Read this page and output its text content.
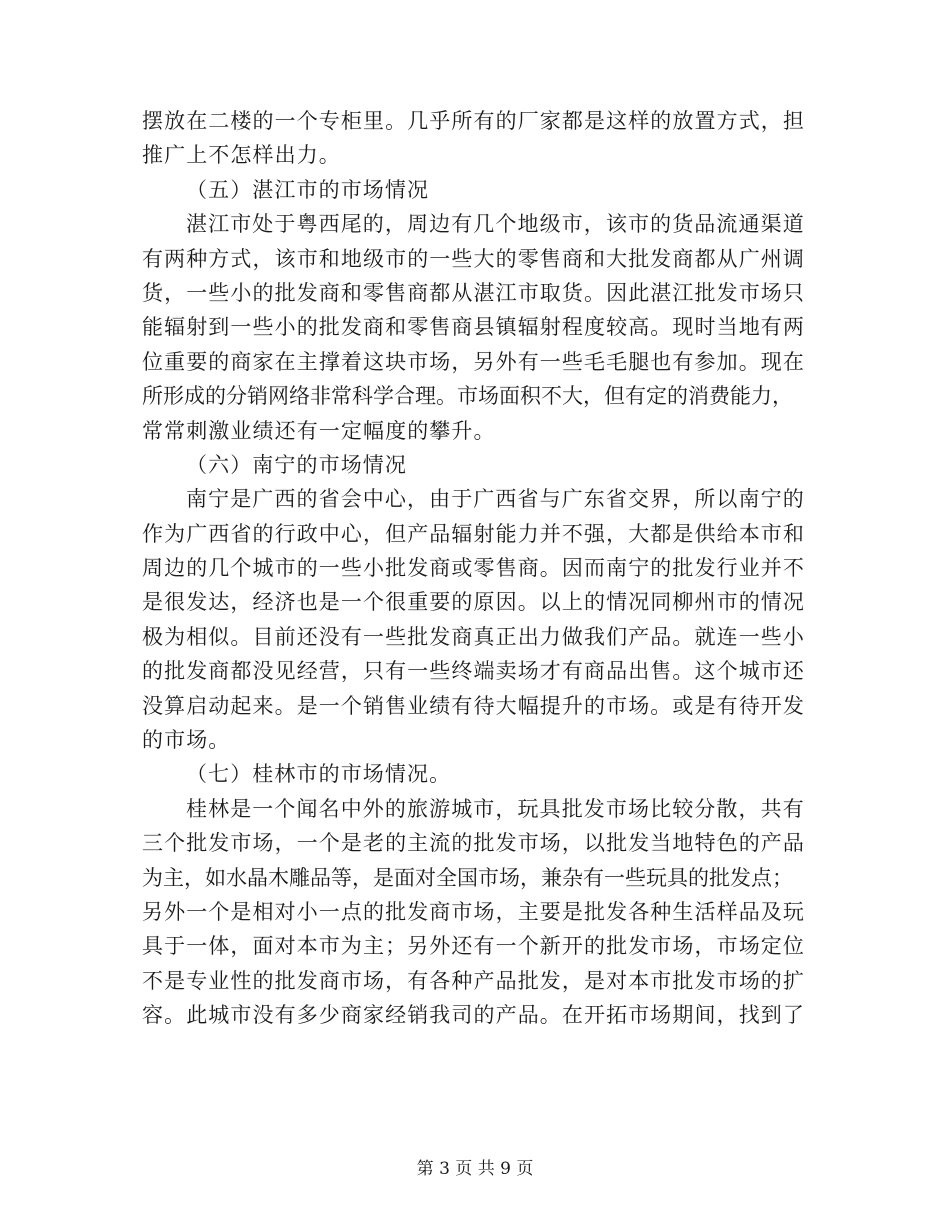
摆放在二楼的一个专柜里。几乎所有的厂家都是这样的放置方式，担
推广上不怎样出力。
（五）湛江市的市场情况
湛江市处于粤西尾的，周边有几个地级市，该市的货品流通渠道
有两种方式，该市和地级市的一些大的零售商和大批发商都从广州调
货，一些小的批发商和零售商都从湛江市取货。因此湛江批发市场只
能辐射到一些小的批发商和零售商县镇辐射程度较高。现时当地有两
位重要的商家在主撑着这块市场，另外有一些毛毛腿也有参加。现在
所形成的分销网络非常科学合理。市场面积不大，但有定的消费能力，
常常刺激业绩还有一定幅度的攀升。
（六）南宁的市场情况
南宁是广西的省会中心，由于广西省与广东省交界，所以南宁的
作为广西省的行政中心，但产品辐射能力并不强，大都是供给本市和
周边的几个城市的一些小批发商或零售商。因而南宁的批发行业并不
是很发达，经济也是一个很重要的原因。以上的情况同柳州市的情况
极为相似。目前还没有一些批发商真正出力做我们产品。就连一些小
的批发商都没见经营，只有一些终端卖场才有商品出售。这个城市还
没算启动起来。是一个销售业绩有待大幅提升的市场。或是有待开发
的市场。
（七）桂林市的市场情况。
桂林是一个闻名中外的旅游城市，玩具批发市场比较分散，共有
三个批发市场，一个是老的主流的批发市场，以批发当地特色的产品
为主，如水晶木雕品等，是面对全国市场，兼杂有一些玩具的批发点；
另外一个是相对小一点的批发商市场，主要是批发各种生活样品及玩
具于一体，面对本市为主；另外还有一个新开的批发市场，市场定位
不是专业性的批发商市场，有各种产品批发，是对本市批发市场的扩
容。此城市没有多少商家经销我司的产品。在开拓市场期间，找到了
第 3 页 共 9 页
